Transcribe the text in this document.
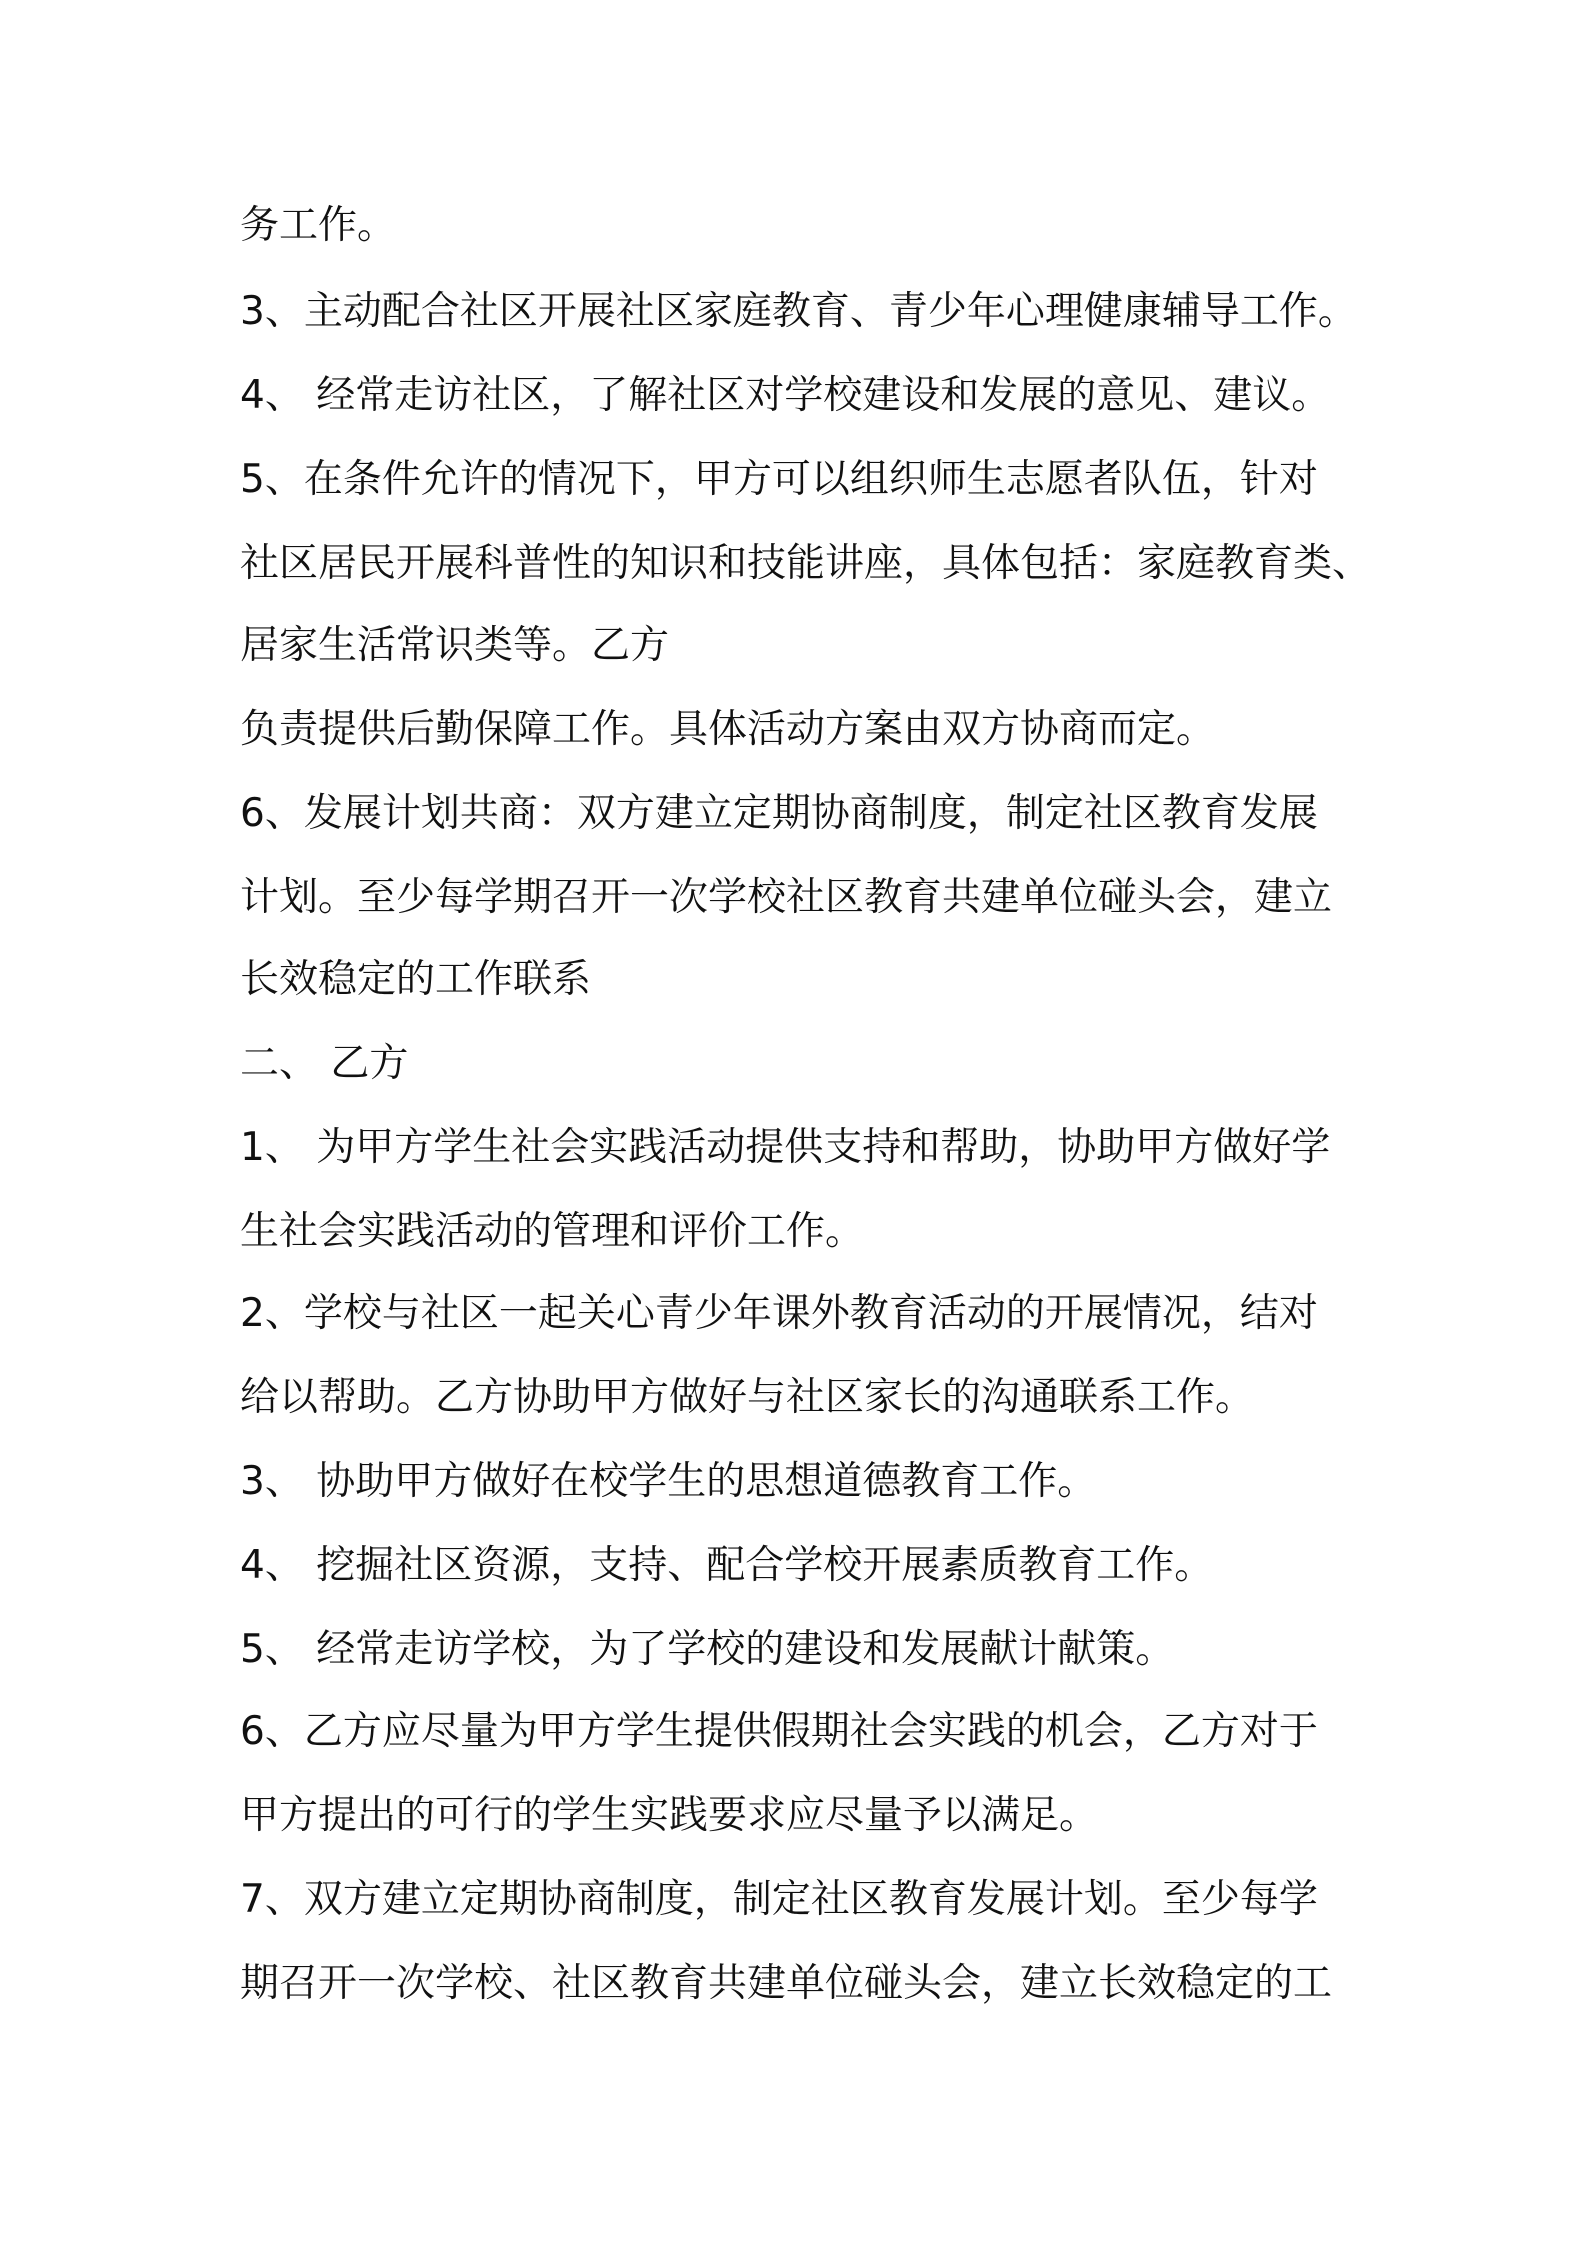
务工作。

3、主动配合社区开展社区家庭教育、青少年心理健康辅导工作。

4、 经常走访社区，了解社区对学校建设和发展的意见、建议。

5、在条件允许的情况下，甲方可以组织师生志愿者队伍，针对

社区居民开展科普性的知识和技能讲座，具体包括：家庭教育类、

居家生活常识类等。乙方

负责提供后勤保障工作。具体活动方案由双方协商而定。

6、发展计划共商：双方建立定期协商制度，制定社区教育发展

计划。至少每学期召开一次学校社区教育共建单位碰头会，建立

长效稳定的工作联系

二、 乙方

1、 为甲方学生社会实践活动提供支持和帮助，协助甲方做好学

生社会实践活动的管理和评价工作。

2、学校与社区一起关心青少年课外教育活动的开展情况，结对

给以帮助。乙方协助甲方做好与社区家长的沟通联系工作。

3、 协助甲方做好在校学生的思想道德教育工作。

4、 挖掘社区资源，支持、配合学校开展素质教育工作。

5、 经常走访学校，为了学校的建设和发展献计献策。

6、乙方应尽量为甲方学生提供假期社会实践的机会，乙方对于

甲方提出的可行的学生实践要求应尽量予以满足。

7、双方建立定期协商制度，制定社区教育发展计划。至少每学

期召开一次学校、社区教育共建单位碰头会，建立长效稳定的工
